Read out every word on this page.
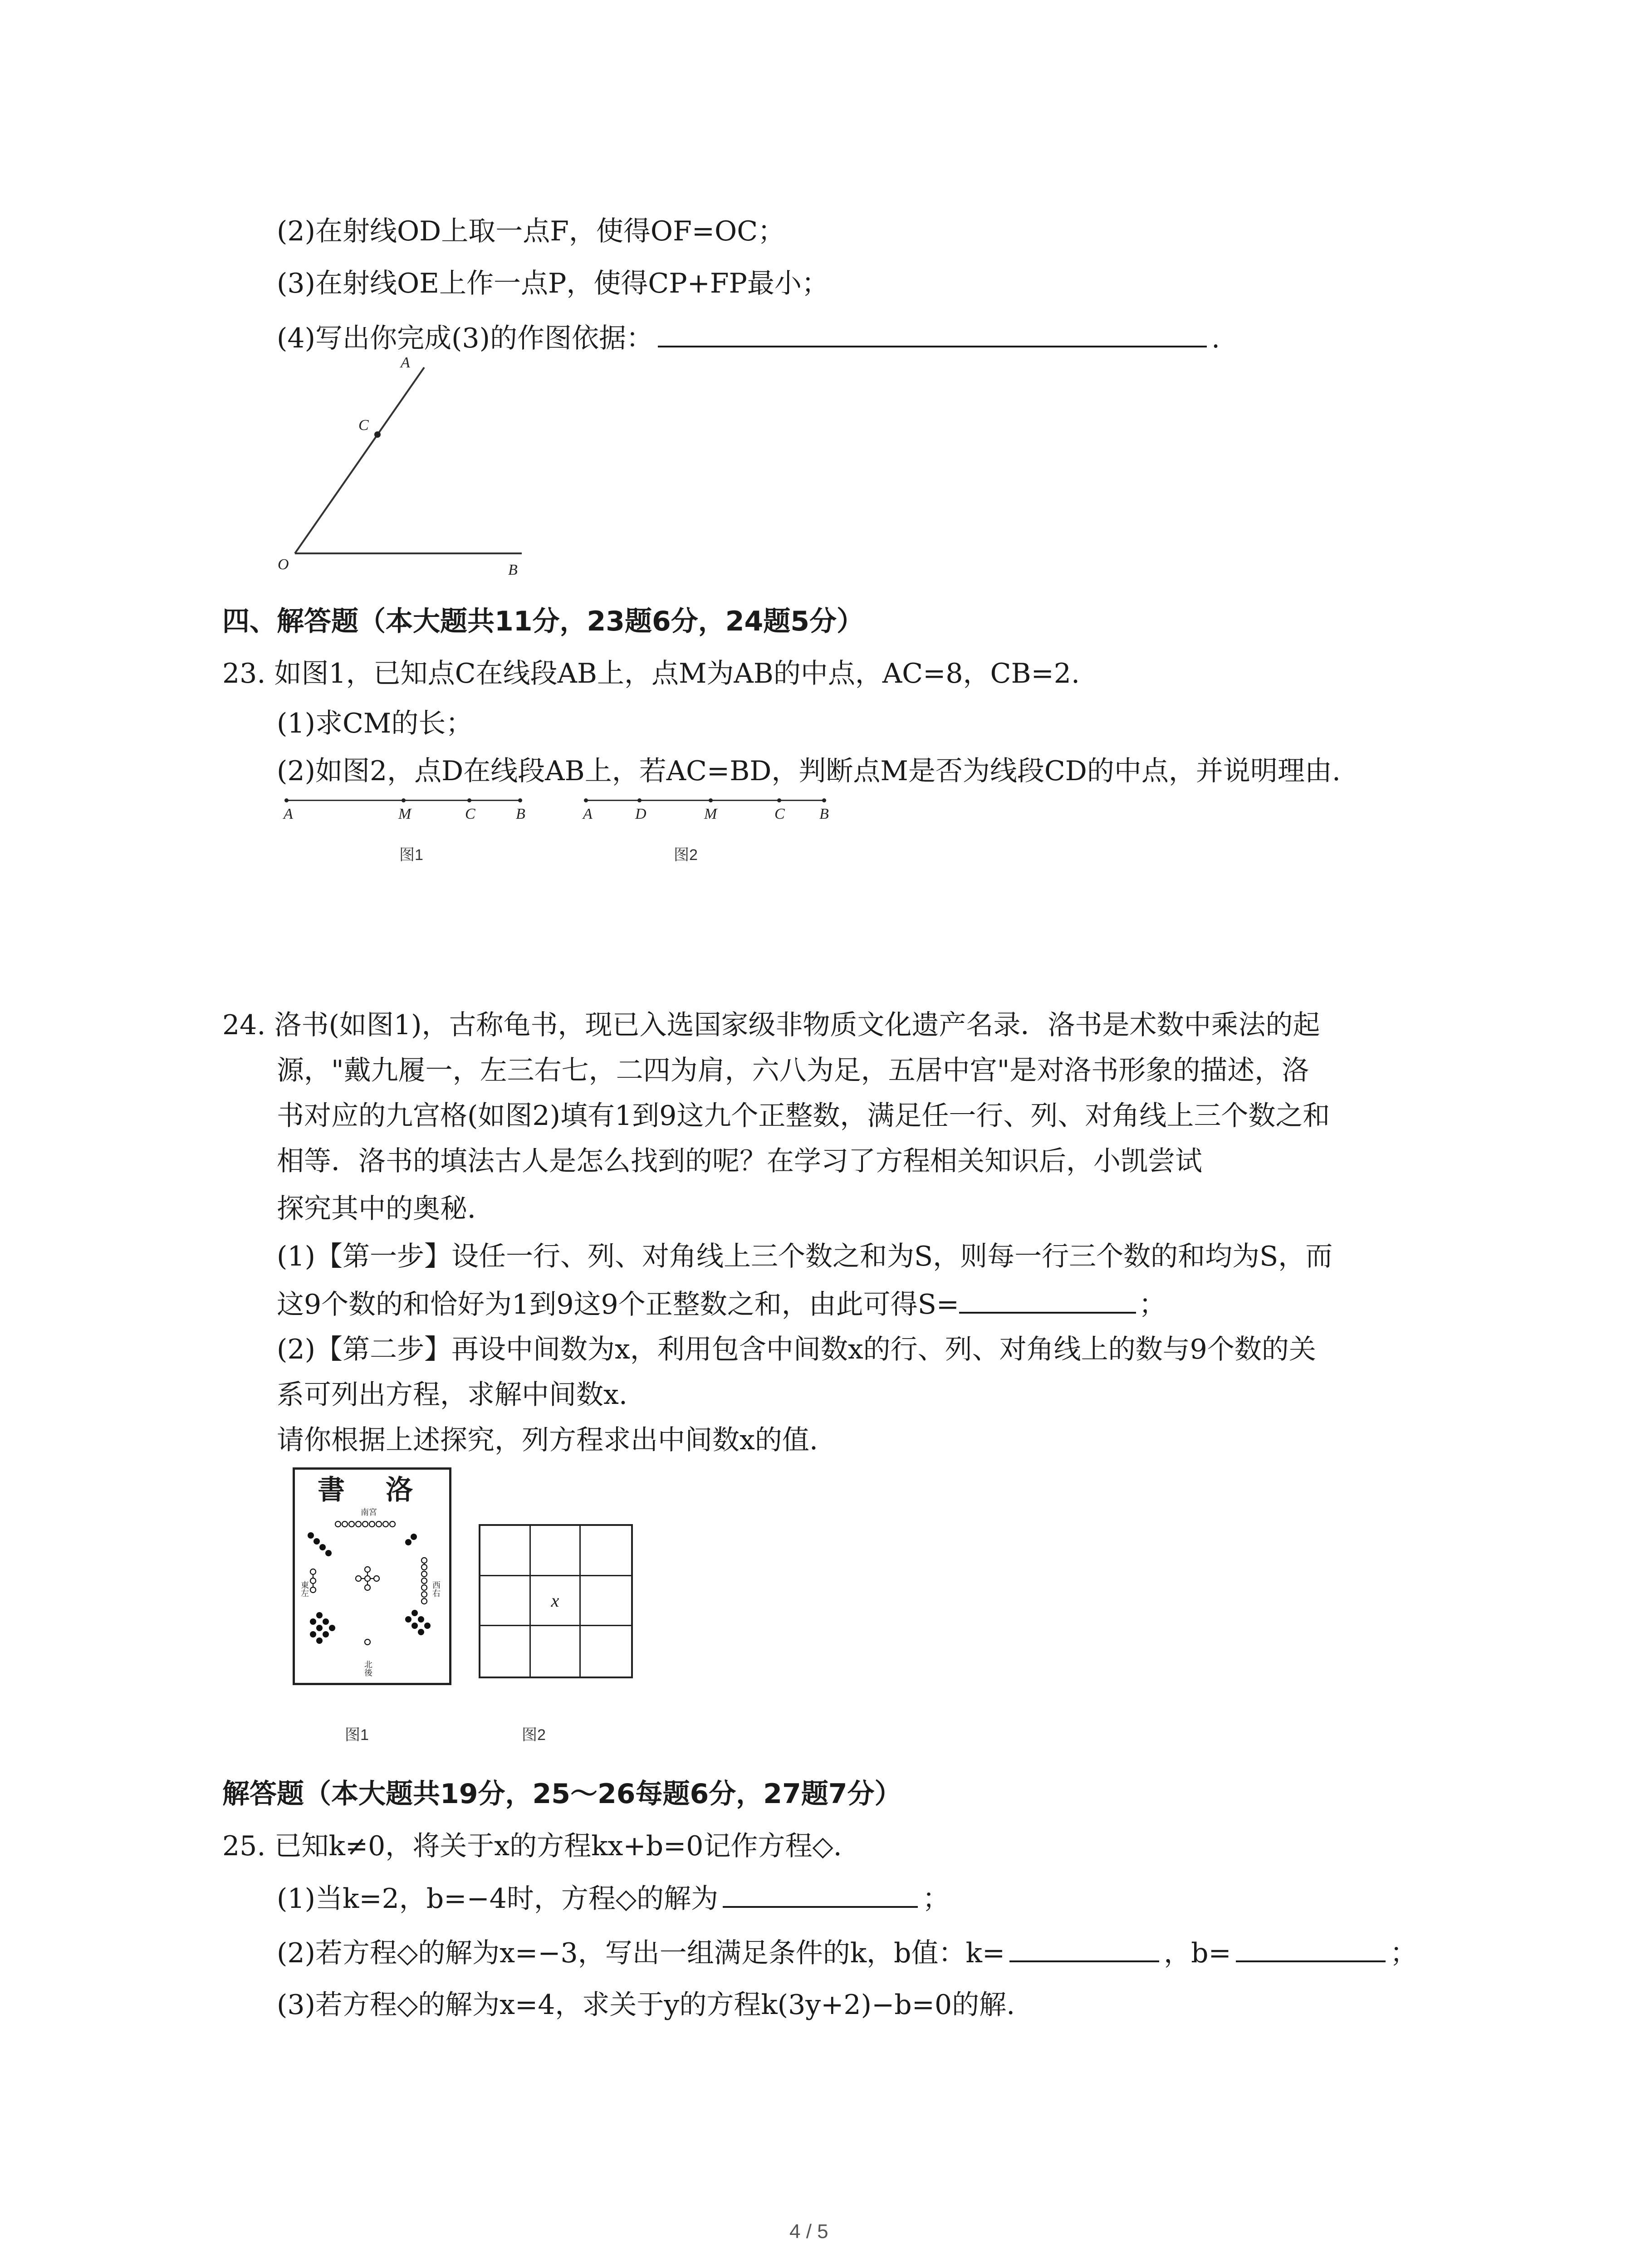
(2)在射线OD上取一点F，使得OF=OC；
(3)在射线OE上作一点P，使得CP+FP最小；
(4)写出你完成(3)的作图依据：	.
A
C
O	B
四、解答题（本大题共11分，23题6分，24题5分）
23. 如图1，已知点C在线段AB上，点M为AB的中点，AC=8，CB=2.
(1)求CM的长；
(2)如图2，点D在线段AB上，若AC=BD，判断点M是否为线段CD的中点，并说明理由.
A	M	C	B
图1
A	D	M	C B
图2
24. 洛书(如图1)，古称龟书，现已入选国家级非物质文化遗产名录．洛书是术数中乘法的起
源，"戴九履一，左三右七，二四为肩，六八为足，五居中宫"是对洛书形象的描述，洛
书对应的九宫格(如图2)填有1到9这九个正整数，满足任一行、列、对角线上三个数之和
相等．洛书的填法古人是怎么找到的呢？在学习了方程相关知识后，小凯尝试
探究其中的奥秘．
(1)【第一步】设任一行、列、对角线上三个数之和为S，则每一行三个数的和均为S，而
这9个数的和恰好为1到9这9个正整数之和，由此可得S=	；
(2)【第二步】再设中间数为x，利用包含中间数x的行、列、对角线上的数与9个数的关
系可列出方程，求解中间数x.
请你根据上述探究，列方程求出中间数x的值.
書 洛
南宮
北後
東左	西右
图1
x
图2
解答题（本大题共19分，25～26每题6分，27题7分）
25. 已知k≠0，将关于x的方程kx+b=0记作方程◇.
(1)当k=2，b=−4时，方程◇的解为	；
(2)若方程◇的解为x=−3，写出一组满足条件的k，b值：k=	，b=	；
(3)若方程◇的解为x=4，求关于y的方程k(3y+2)−b=0的解.
4 / 5
